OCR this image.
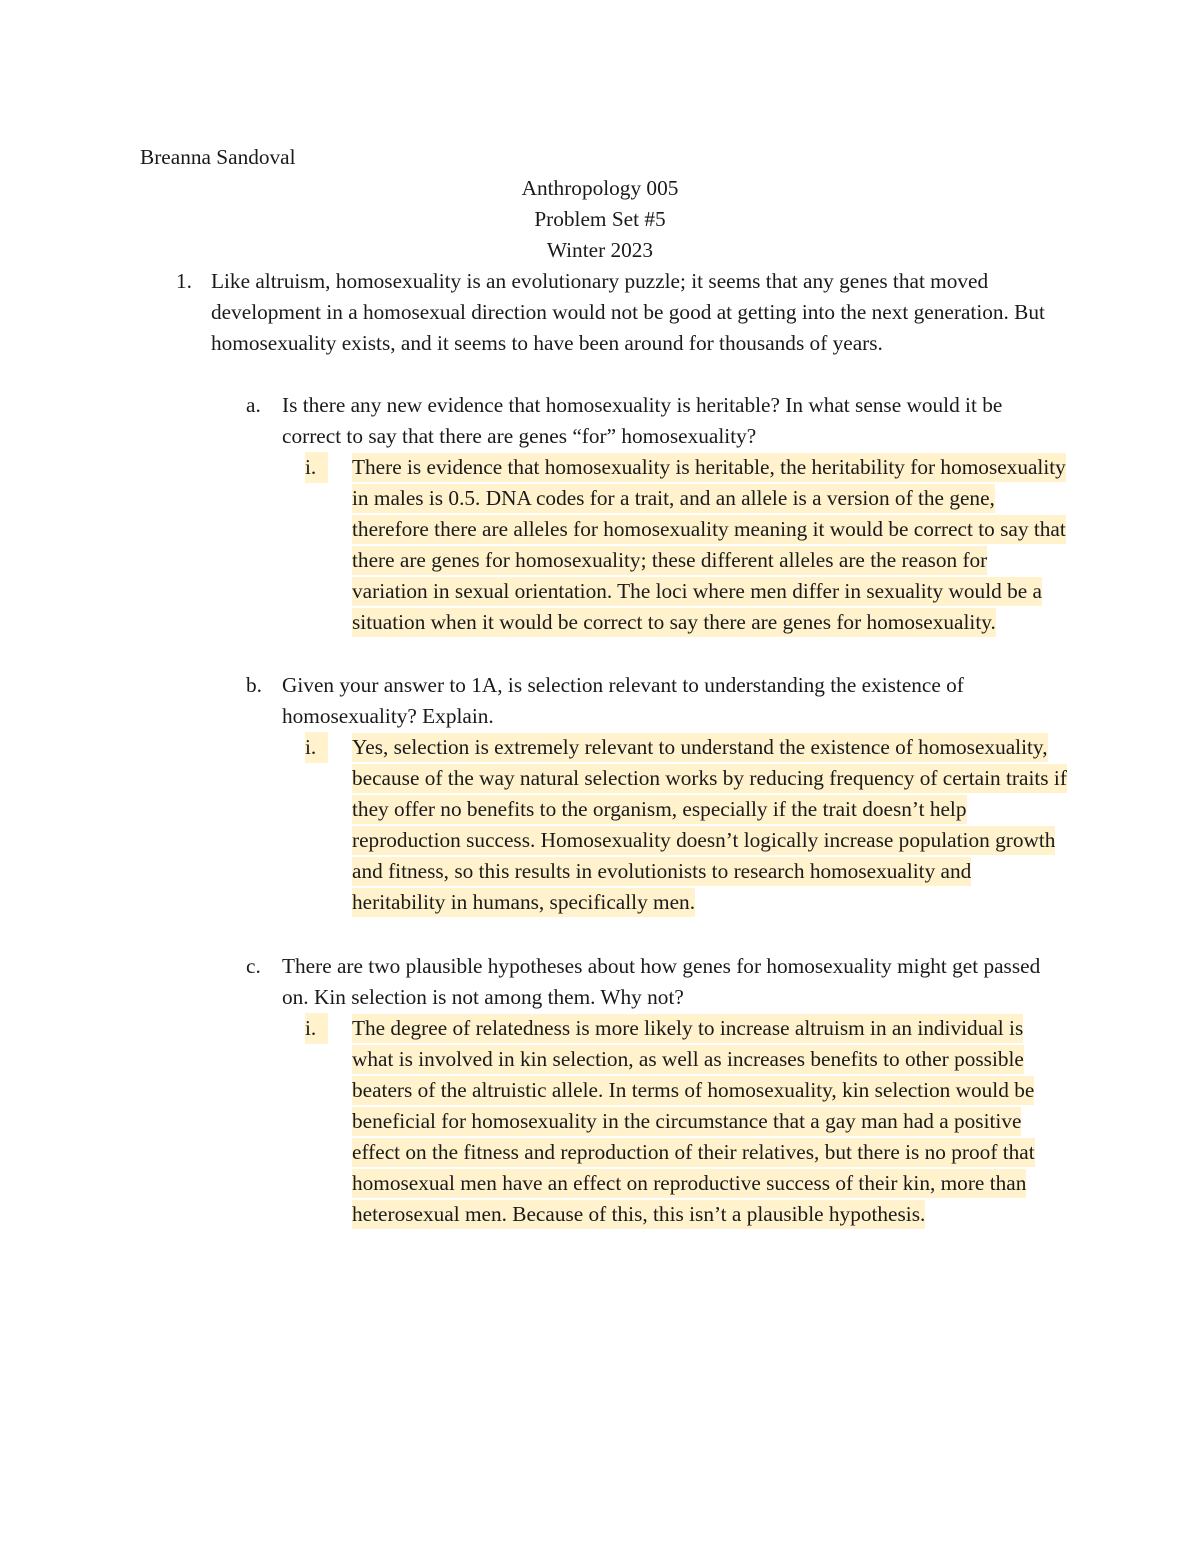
Breanna Sandoval
Anthropology 005
Problem Set #5
Winter 2023
1. Like altruism, homosexuality is an evolutionary puzzle; it seems that any genes that moved development in a homosexual direction would not be good at getting into the next generation. But homosexuality exists, and it seems to have been around for thousands of years.
a. Is there any new evidence that homosexuality is heritable? In what sense would it be correct to say that there are genes “for” homosexuality?
i.	There is evidence that homosexuality is heritable, the heritability for homosexuality in males is 0.5. DNA codes for a trait, and an allele is a version of the gene, therefore there are alleles for homosexuality meaning it would be correct to say that there are genes for homosexuality; these different alleles are the reason for variation in sexual orientation. The loci where men differ in sexuality would be a situation when it would be correct to say there are genes for homosexuality.
b. Given your answer to 1A, is selection relevant to understanding the existence of homosexuality? Explain.
i.	Yes, selection is extremely relevant to understand the existence of homosexuality, because of the way natural selection works by reducing frequency of certain traits if they offer no benefits to the organism, especially if the trait doesn’t help reproduction success. Homosexuality doesn’t logically increase population growth and fitness, so this results in evolutionists to research homosexuality and heritability in humans, specifically men.
c. There are two plausible hypotheses about how genes for homosexuality might get passed on. Kin selection is not among them. Why not?
i.	The degree of relatedness is more likely to increase altruism in an individual is what is involved in kin selection, as well as increases benefits to other possible beaters of the altruistic allele. In terms of homosexuality, kin selection would be beneficial for homosexuality in the circumstance that a gay man had a positive effect on the fitness and reproduction of their relatives, but there is no proof that homosexual men have an effect on reproductive success of their kin, more than heterosexual men. Because of this, this isn’t a plausible hypothesis.
